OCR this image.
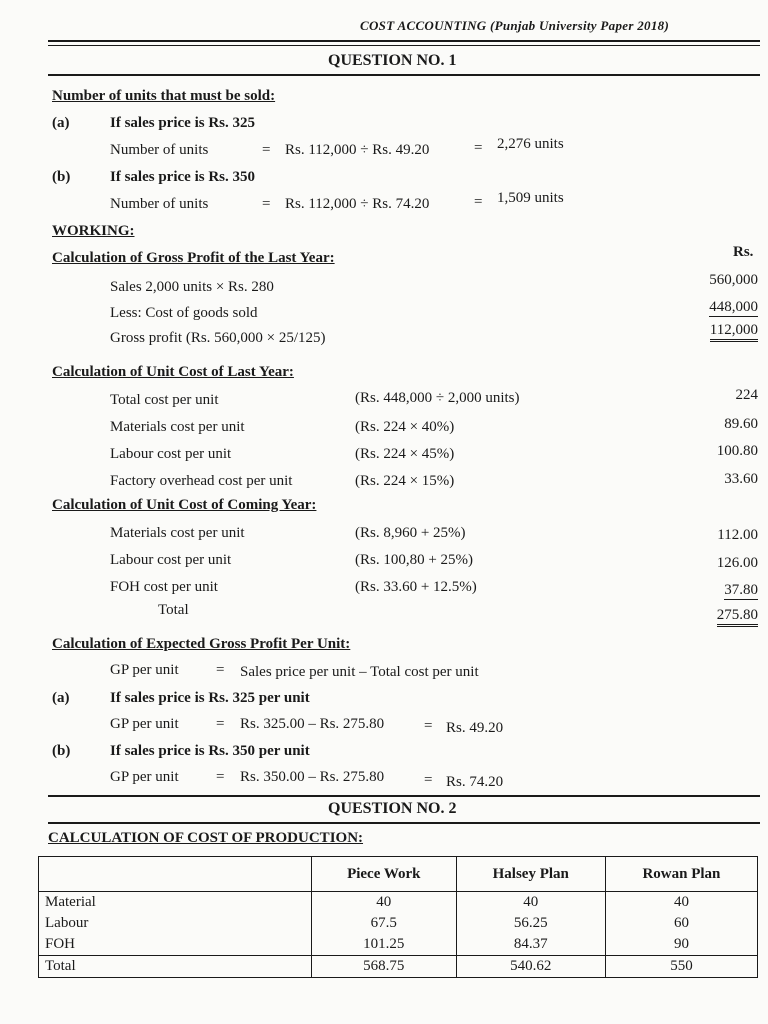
COST ACCOUNTING (Punjab University Paper 2018)
QUESTION NO. 1
Number of units that must be sold:
(a)	If sales price is Rs. 325
Number of units	= Rs. 112,000 ÷ Rs. 49.20	= 2,276 units
(b)	If sales price is Rs. 350
Number of units	= Rs. 112,000 ÷ Rs. 74.20	= 1,509 units
WORKING:
Calculation of Gross Profit of the Last Year:	Rs.
Sales 2,000 units × Rs. 280	560,000
Less: Cost of goods sold	448,000
Gross profit (Rs. 560,000 × 25/125)	112,000
Calculation of Unit Cost of Last Year:
Total cost per unit	(Rs. 448,000 ÷ 2,000 units)	224
Materials cost per unit	(Rs. 224 × 40%)	89.60
Labour cost per unit	(Rs. 224 × 45%)	100.80
Factory overhead cost per unit	(Rs. 224 × 15%)	33.60
Calculation of Unit Cost of Coming Year:
Materials cost per unit	(Rs. 8,960 + 25%)	112.00
Labour cost per unit	(Rs. 100,80 + 25%)	126.00
FOH cost per unit	(Rs. 33.60 + 12.5%)	37.80
Total	275.80
Calculation of Expected Gross Profit Per Unit:
GP per unit = Sales price per unit – Total cost per unit
(a)	If sales price is Rs. 325 per unit
GP per unit = Rs. 325.00 – Rs. 275.80	= Rs. 49.20
(b)	If sales price is Rs. 350 per unit
GP per unit = Rs. 350.00 – Rs. 275.80	= Rs. 74.20
QUESTION NO. 2
CALCULATION OF COST OF PRODUCTION:
	Piece Work	Halsey Plan	Rowan Plan
Material	40	40	40
Labour	67.5	56.25	60
FOH	101.25	84.37	90
Total	568.75	540.62	550
